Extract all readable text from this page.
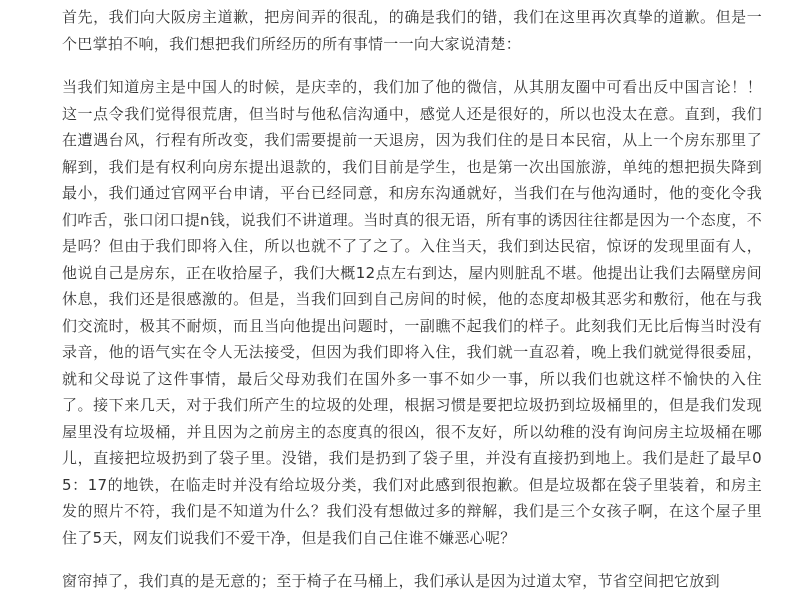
首先，我们向大阪房主道歉，把房间弄的很乱，的确是我们的错，我们在这里再次真挚的道歉。但是一个巴掌拍不响，我们想把我们所经历的所有事情一一向大家说清楚：

当我们知道房主是中国人的时候，是庆幸的，我们加了他的微信，从其朋友圈中可看出反中国言论！！这一点令我们觉得很荒唐，但当时与他私信沟通中，感觉人还是很好的，所以也没太在意。直到，我们在遭遇台风，行程有所改变，我们需要提前一天退房，因为我们住的是日本民宿，从上一个房东那里了解到，我们是有权利向房东提出退款的，我们目前是学生，也是第一次出国旅游，单纯的想把损失降到最小，我们通过官网平台申请，平台已经同意，和房东沟通就好，当我们在与他沟通时，他的变化令我们咋舌，张口闭口提n钱，说我们不讲道理。当时真的很无语，所有事的诱因往往都是因为一个态度，不是吗？但由于我们即将入住，所以也就不了了之了。入住当天，我们到达民宿，惊讶的发现里面有人，他说自己是房东，正在收拾屋子，我们大概12点左右到达，屋内则脏乱不堪。他提出让我们去隔壁房间休息，我们还是很感激的。但是，当我们回到自己房间的时候，他的态度却极其恶劣和敷衍，他在与我们交流时，极其不耐烦，而且当向他提出问题时，一副瞧不起我们的样子。此刻我们无比后悔当时没有录音，他的语气实在令人无法接受，但因为我们即将入住，我们就一直忍着，晚上我们就觉得很委屈，就和父母说了这件事情，最后父母劝我们在国外多一事不如少一事，所以我们也就这样不愉快的入住了。接下来几天，对于我们所产生的垃圾的处理，根据习惯是要把垃圾扔到垃圾桶里的，但是我们发现屋里没有垃圾桶，并且因为之前房主的态度真的很凶，很不友好，所以幼稚的没有询问房主垃圾桶在哪儿，直接把垃圾扔到了袋子里。没错，我们是扔到了袋子里，并没有直接扔到地上。我们是赶了最早05：17的地铁，在临走时并没有给垃圾分类，我们对此感到很抱歉。但是垃圾都在袋子里装着，和房主发的照片不符，我们是不知道为什么？我们没有想做过多的辩解，我们是三个女孩子啊，在这个屋子里住了5天，网友们说我们不爱干净，但是我们自己住谁不嫌恶心呢？

窗帘掉了，我们真的是无意的；至于椅子在马桶上，我们承认是因为过道太窄，节省空间把它放到
